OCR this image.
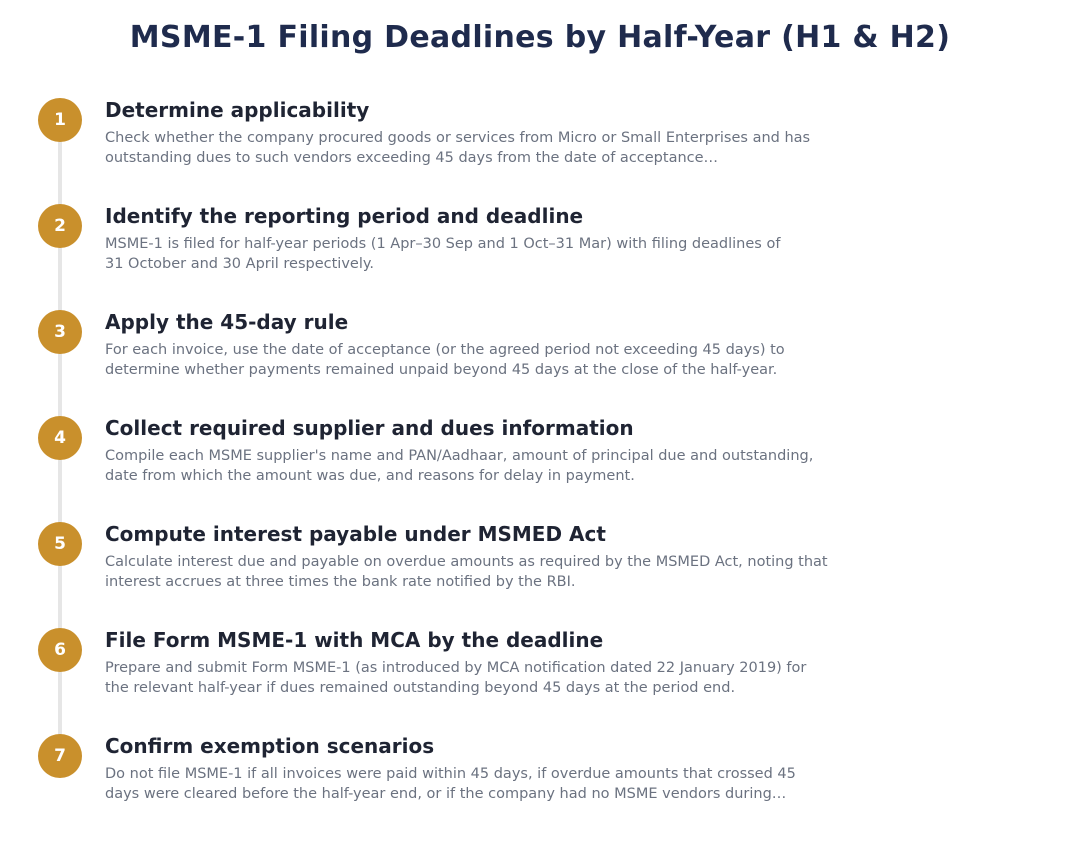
MSME-1 Filing Deadlines by Half-Year (H1 & H2)
1	Determine applicability
Check whether the company procured goods or services from Micro or Small Enterprises and has
outstanding dues to such vendors exceeding 45 days from the date of acceptance…
2	Identify the reporting period and deadline
MSME-1 is filed for half-year periods (1 Apr–30 Sep and 1 Oct–31 Mar) with filing deadlines of
31 October and 30 April respectively.
3	Apply the 45-day rule
For each invoice, use the date of acceptance (or the agreed period not exceeding 45 days) to
determine whether payments remained unpaid beyond 45 days at the close of the half-year.
4	Collect required supplier and dues information
Compile each MSME supplier's name and PAN/Aadhaar, amount of principal due and outstanding,
date from which the amount was due, and reasons for delay in payment.
5	Compute interest payable under MSMED Act
Calculate interest due and payable on overdue amounts as required by the MSMED Act, noting that
interest accrues at three times the bank rate notified by the RBI.
6	File Form MSME-1 with MCA by the deadline
Prepare and submit Form MSME-1 (as introduced by MCA notification dated 22 January 2019) for
the relevant half-year if dues remained outstanding beyond 45 days at the period end.
7	Confirm exemption scenarios
Do not file MSME-1 if all invoices were paid within 45 days, if overdue amounts that crossed 45
days were cleared before the half-year end, or if the company had no MSME vendors during…
